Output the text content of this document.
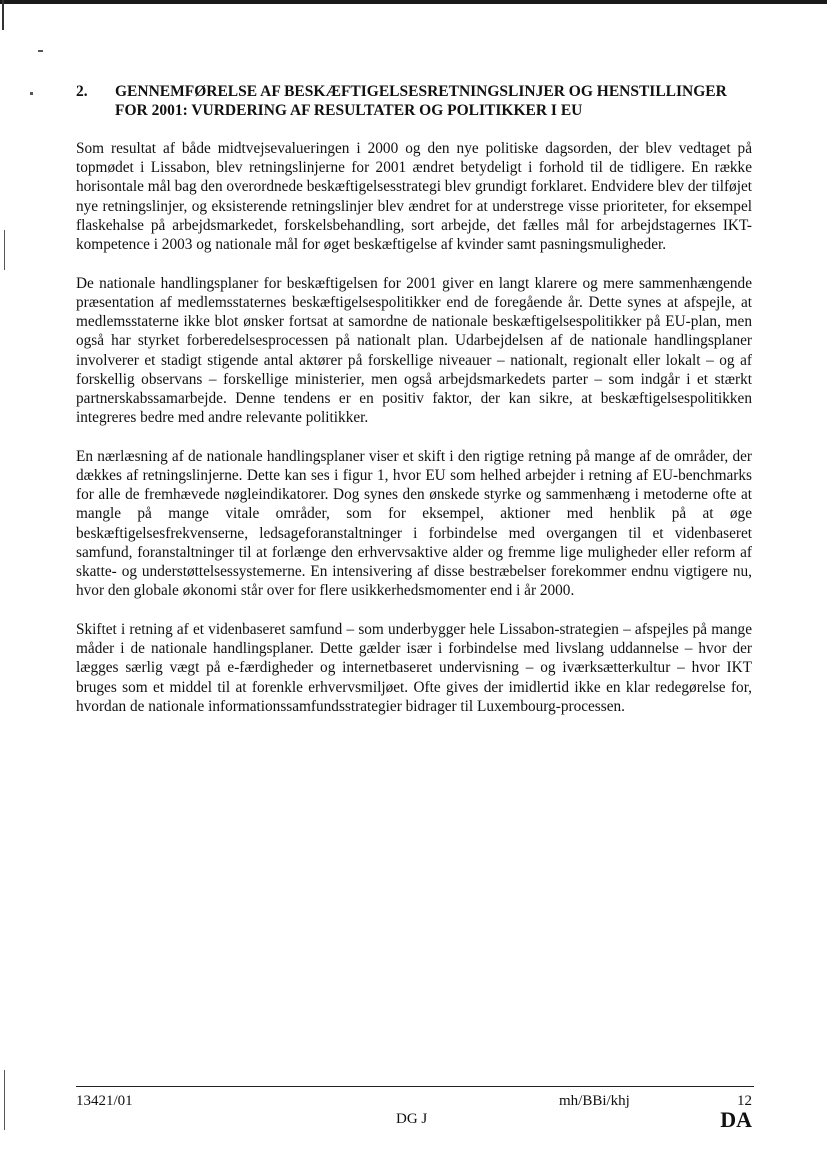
2. GENNEMFØRELSE AF BESKÆFTIGELSESRETNINGSLINJER OG HENSTILLINGER FOR 2001: VURDERING AF RESULTATER OG POLITIKKER I EU

Som resultat af både midtvejsevalueringen i 2000 og den nye politiske dagsorden, der blev vedtaget på topmødet i Lissabon, blev retningslinjerne for 2001 ændret betydeligt i forhold til de tidligere. En række horisontale mål bag den overordnede beskæftigelsesstrategi blev grundigt forklaret. Endvidere blev der tilføjet nye retningslinjer, og eksisterende retningslinjer blev ændret for at understrege visse prioriteter, for eksempel flaskehalse på arbejdsmarkedet, forskelsbehandling, sort arbejde, det fælles mål for arbejdstagernes IKT-kompetence i 2003 og nationale mål for øget beskæftigelse af kvinder samt pasningsmuligheder.

De nationale handlingsplaner for beskæftigelsen for 2001 giver en langt klarere og mere sammenhængende præsentation af medlemsstaternes beskæftigelsespolitikker end de foregående år. Dette synes at afspejle, at medlemsstaterne ikke blot ønsker fortsat at samordne de nationale beskæftigelsespolitikker på EU-plan, men også har styrket forberedelsesprocessen på nationalt plan. Udarbejdelsen af de nationale handlingsplaner involverer et stadigt stigende antal aktører på forskellige niveauer – nationalt, regionalt eller lokalt – og af forskellig observans – forskellige ministerier, men også arbejdsmarkedets parter – som indgår i et stærkt partnerskabssamarbejde. Denne tendens er en positiv faktor, der kan sikre, at beskæftigelsespolitikken integreres bedre med andre relevante politikker.

En nærlæsning af de nationale handlingsplaner viser et skift i den rigtige retning på mange af de områder, der dækkes af retningslinjerne. Dette kan ses i figur 1, hvor EU som helhed arbejder i retning af EU-benchmarks for alle de fremhævede nøgleindikatorer. Dog synes den ønskede styrke og sammenhæng i metoderne ofte at mangle på mange vitale områder, som for eksempel, aktioner med henblik på at øge beskæftigelsesfrekvenserne, ledsageforanstaltninger i forbindelse med overgangen til et videnbaseret samfund, foranstaltninger til at forlænge den erhvervsaktive alder og fremme lige muligheder eller reform af skatte- og understøttelsessystemerne. En intensivering af disse bestræbelser forekommer endnu vigtigere nu, hvor den globale økonomi står over for flere usikkerhedsmomenter end i år 2000.

Skiftet i retning af et videnbaseret samfund – som underbygger hele Lissabon-strategien – afspejles på mange måder i de nationale handlingsplaner. Dette gælder især i forbindelse med livslang uddannelse – hvor der lægges særlig vægt på e-færdigheder og internetbaseret undervisning – og iværksætterkultur – hvor IKT bruges som et middel til at forenkle erhvervsmiljøet. Ofte gives der imidlertid ikke en klar redegørelse for, hvordan de nationale informationssamfundsstrategier bidrager til Luxembourg-processen.

13421/01	mh/BBi/khj	12
DG J	DA
